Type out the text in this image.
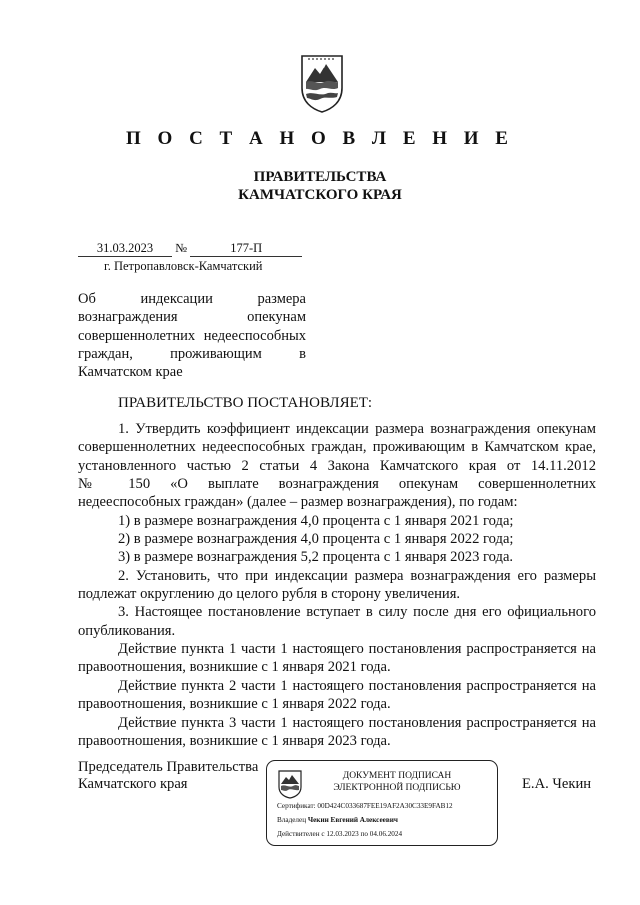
П О С Т А Н О В Л Е Н И Е
ПРАВИТЕЛЬСТВА
КАМЧАТСКОГО КРАЯ
31.03.2023 №	177-П
г. Петропавловск-Камчатский
Об индексации размера
вознаграждения опекунам
совершеннолетних недееспособных
граждан, проживающим в
Камчатском крае
ПРАВИТЕЛЬСТВО ПОСТАНОВЛЯЕТ:

1. Утвердить коэффициент индексации размера вознаграждения опекунам

совершеннолетних недееспособных граждан, проживающим в Камчатском крае,

установленного частью 2 статьи 4 Закона Камчатского края от 14.11.2012

№ 150 «О выплате вознаграждения опекунам совершеннолетних

недееспособных граждан» (далее – размер вознаграждения), по годам:

1) в размере вознаграждения 4,0 процента с 1 января 2021 года;

2) в размере вознаграждения 4,0 процента с 1 января 2022 года;

3) в размере вознаграждения 5,2 процента с 1 января 2023 года.

2. Установить, что при индексации размера вознаграждения его размеры

подлежат округлению до целого рубля в сторону увеличения.

3. Настоящее постановление вступает в силу после дня его официального

опубликования.

Действие пункта 1 части 1 настоящего постановления распространяется на

правоотношения, возникшие с 1 января 2021 года.

Действие пункта 2 части 1 настоящего постановления распространяется на

правоотношения, возникшие с 1 января 2022 года.

Действие пункта 3 части 1 настоящего постановления распространяется на

правоотношения, возникшие с 1 января 2023 года.

Председатель Правительства
Камчатского края	ДОКУМЕНТ ПОДПИСАН
ЭЛЕКТРОННОЙ ПОДПИСЬЮ
Сертификат: 00D424C033687FEE19AF2A30C33E9FAB12
Владелец Чекин Евгений Алексеевич
Действителен с 12.03.2023 по 04.06.2024
Е.А. Чекин
